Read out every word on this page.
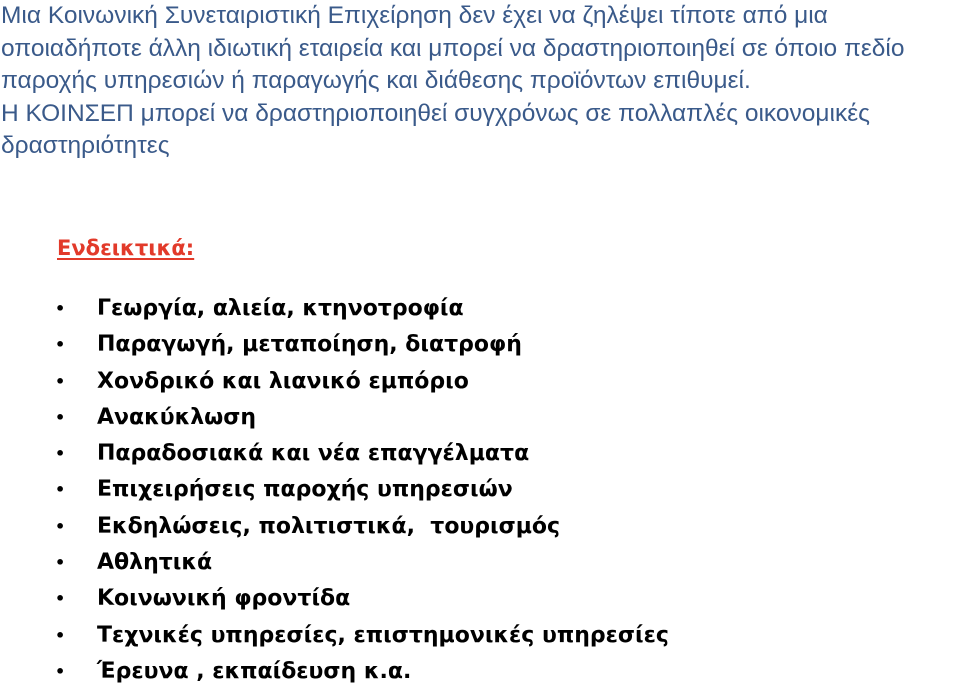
Μια Κοινωνική Συνεταιριστική Επιχείρηση δεν έχει να ζηλέψει τίποτε από μια οποιαδήποτε άλλη ιδιωτική εταιρεία και μπορεί να δραστηριοποιηθεί σε όποιο πεδίο παροχής υπηρεσιών ή παραγωγής και διάθεσης προϊόντων επιθυμεί.
Η ΚΟΙΝΣΕΠ μπορεί να δραστηριοποιηθεί συγχρόνως σε πολλαπλές οικονομικές δραστηριότητες

Ενδεικτικά:
• Γεωργία, αλιεία, κτηνοτροφία
• Παραγωγή, μεταποίηση, διατροφή
• Χονδρικό και λιανικό εμπόριο
• Ανακύκλωση
• Παραδοσιακά και νέα επαγγέλματα
• Επιχειρήσεις παροχής υπηρεσιών
• Εκδηλώσεις, πολιτιστικά,  τουρισμός
• Αθλητικά
• Κοινωνική φροντίδα
• Τεχνικές υπηρεσίες, επιστημονικές υπηρεσίες
• Έρευνα , εκπαίδευση κ.α.
